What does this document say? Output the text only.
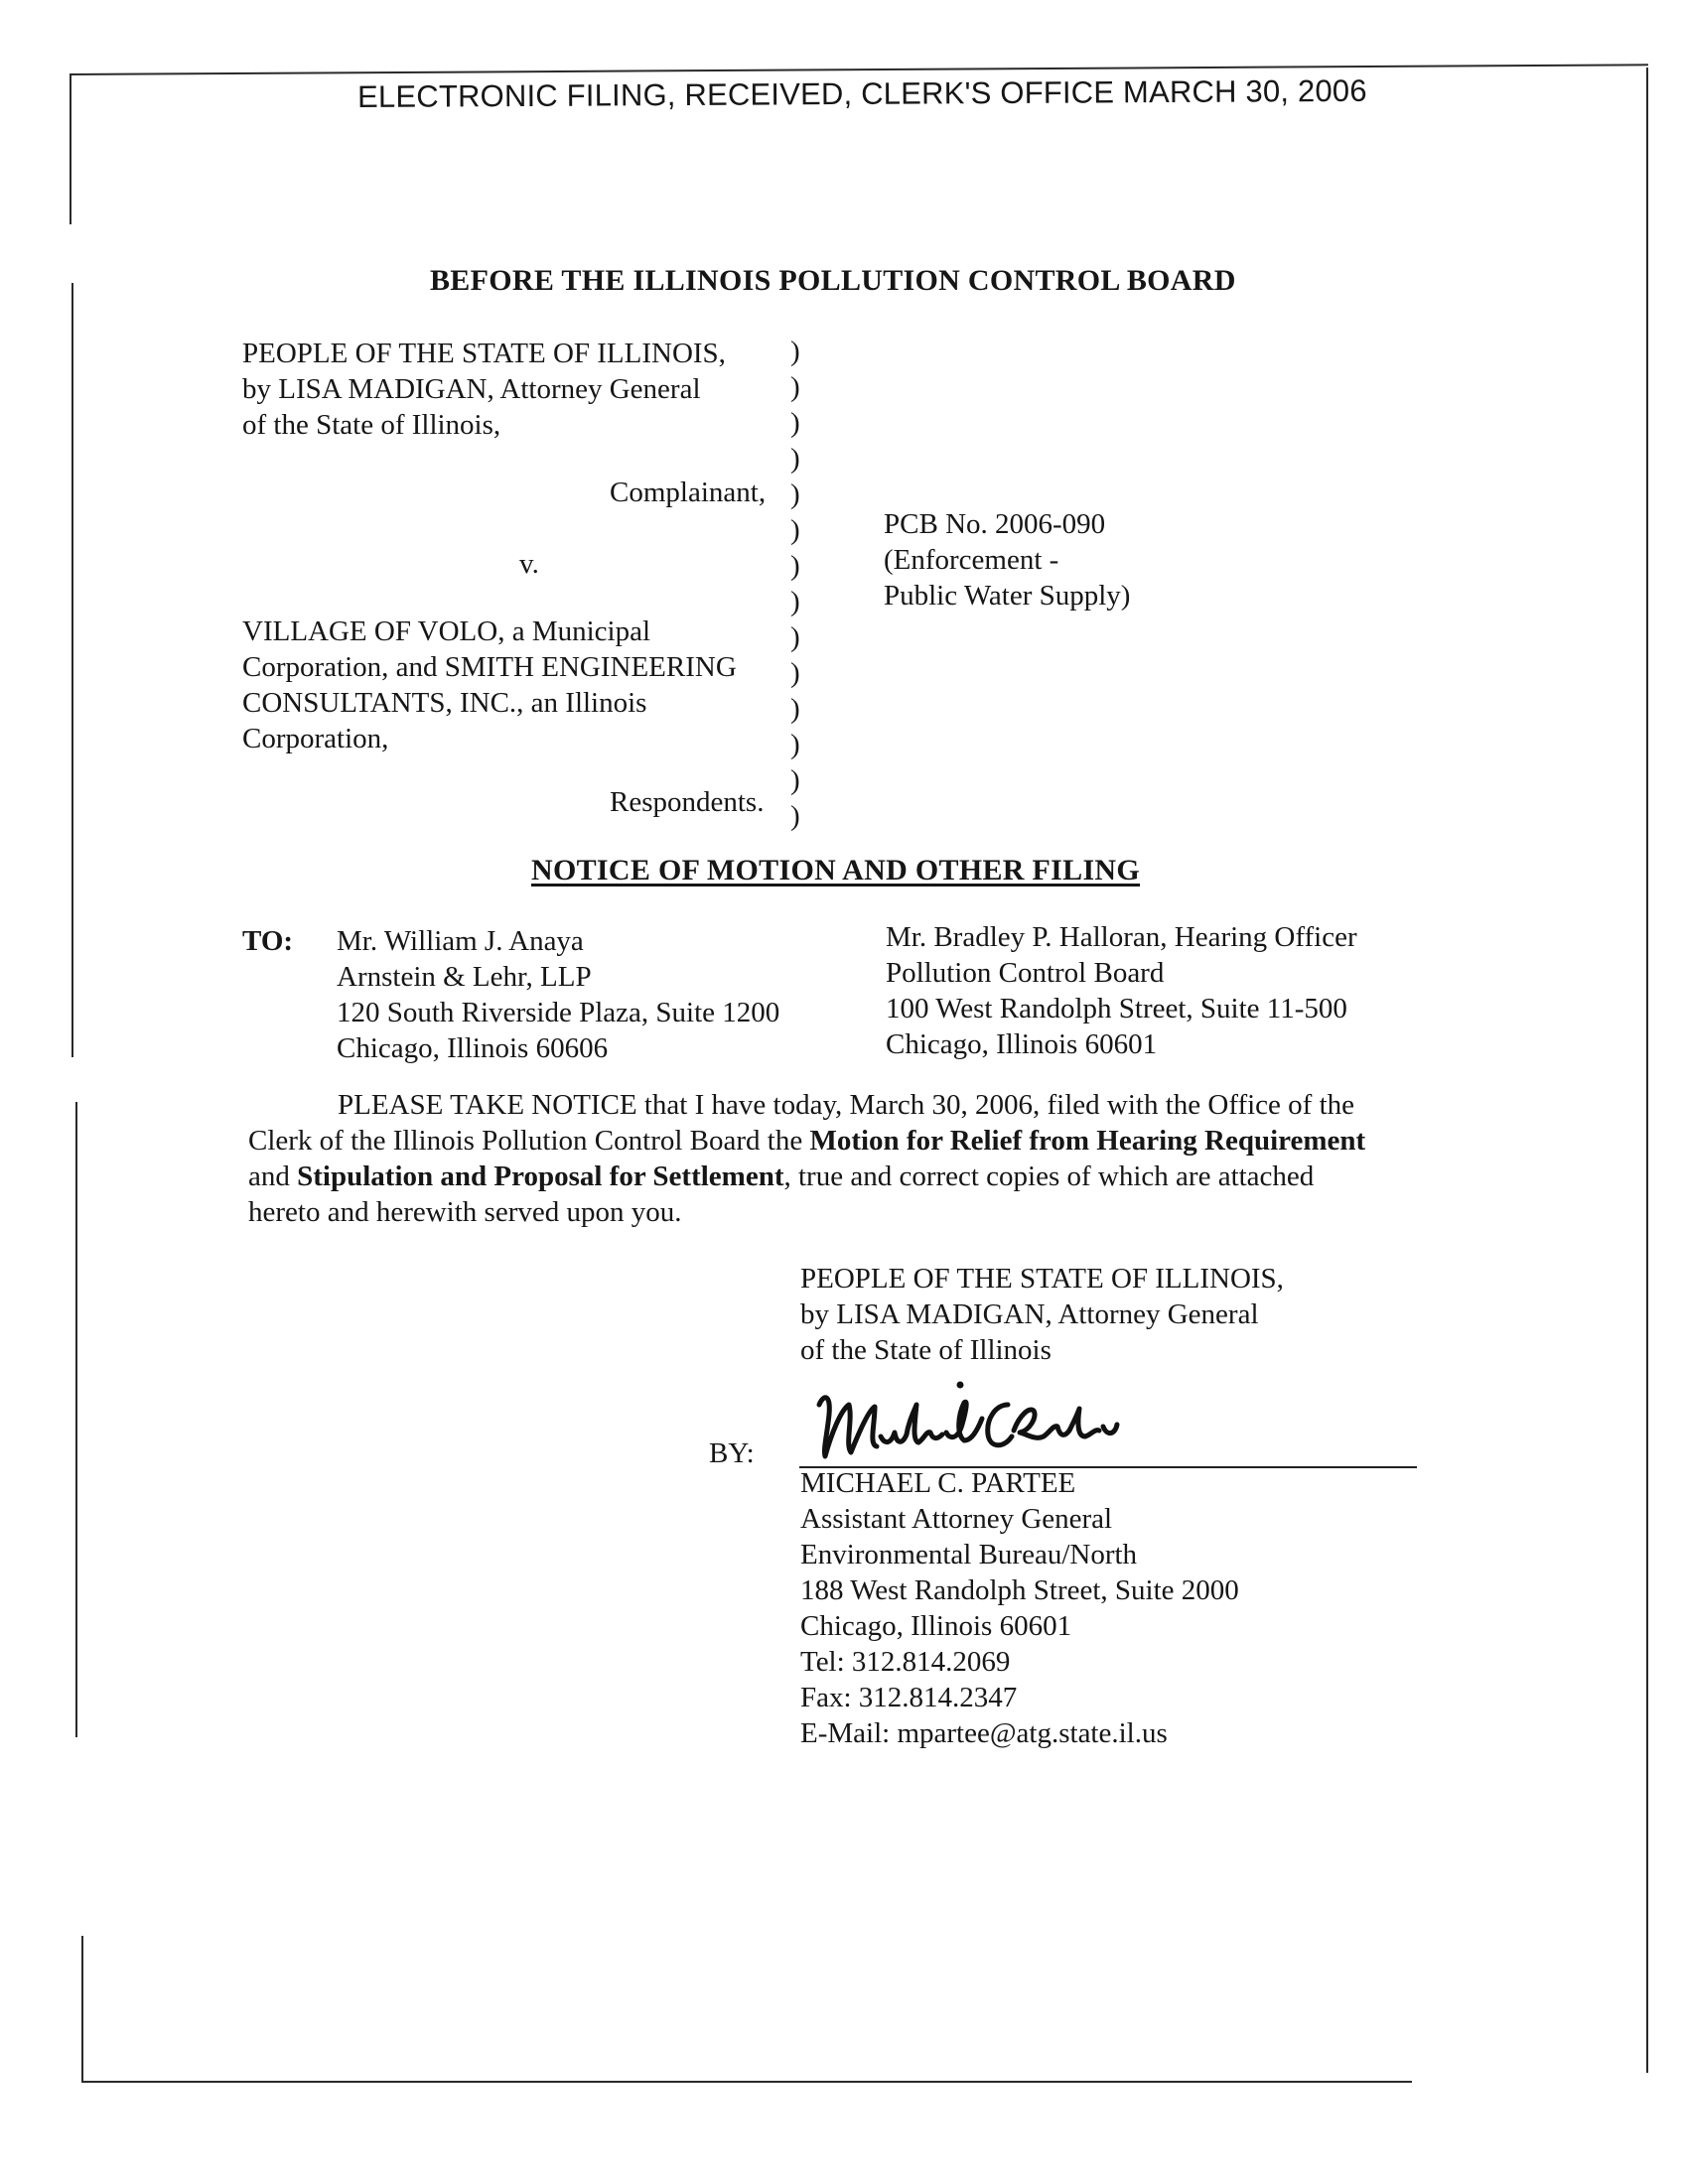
ELECTRONIC FILING, RECEIVED, CLERK'S OFFICE MARCH 30, 2006
BEFORE THE ILLINOIS POLLUTION CONTROL BOARD
PEOPLE OF THE STATE OF ILLINOIS,
by LISA MADIGAN, Attorney General
of the State of Illinois,
Complainant,
v.
VILLAGE OF VOLO, a Municipal
Corporation, and SMITH ENGINEERING
CONSULTANTS, INC., an Illinois
Corporation,
Respondents.
)
)
)
)
)
)
)
)
)
)
)
)
)
)
PCB No. 2006-090
(Enforcement -
Public Water Supply)
NOTICE OF MOTION AND OTHER FILING
TO: Mr. William J. Anaya
Arnstein & Lehr, LLP
120 South Riverside Plaza, Suite 1200
Chicago, Illinois 60606
Mr. Bradley P. Halloran, Hearing Officer
Pollution Control Board
100 West Randolph Street, Suite 11-500
Chicago, Illinois 60601
PLEASE TAKE NOTICE that I have today, March 30, 2006, filed with the Office of the
Clerk of the Illinois Pollution Control Board the Motion for Relief from Hearing Requirement
and Stipulation and Proposal for Settlement, true and correct copies of which are attached
hereto and herewith served upon you.
PEOPLE OF THE STATE OF ILLINOIS,
by LISA MADIGAN, Attorney General
of the State of Illinois
BY:
MICHAEL C. PARTEE
Assistant Attorney General
Environmental Bureau/North
188 West Randolph Street, Suite 2000
Chicago, Illinois 60601
Tel: 312.814.2069
Fax: 312.814.2347
E-Mail: mpartee@atg.state.il.us
